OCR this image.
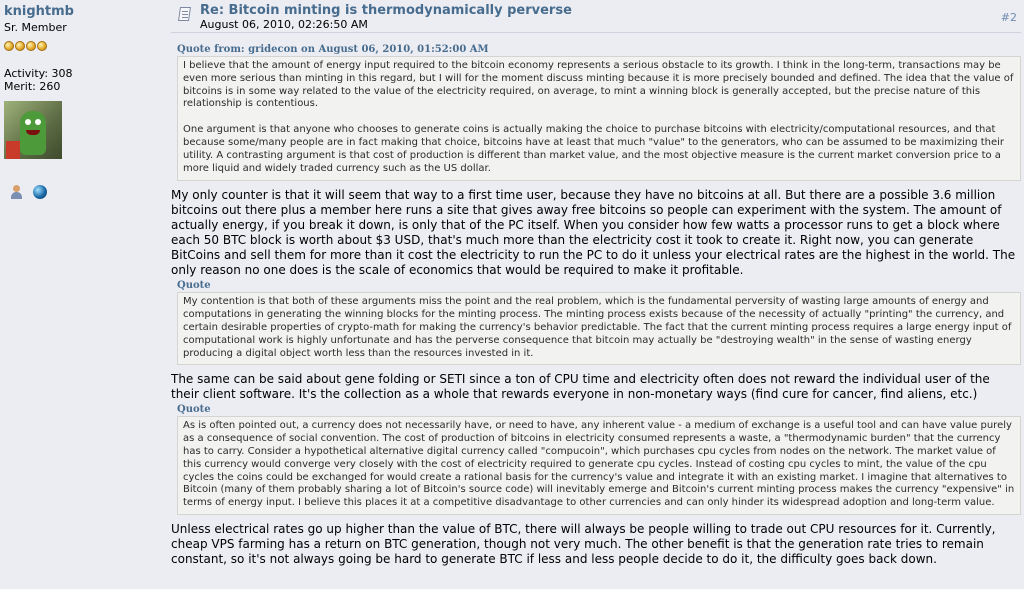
knightmb
Sr. Member
Activity: 308
Merit: 260

Re: Bitcoin minting is thermodynamically perverse
August 06, 2010, 02:26:50 AM
#2
Quote from: gridecon on August 06, 2010, 01:52:00 AM

I believe that the amount of energy input required to the bitcoin economy represents a serious obstacle to its growth. I think in the long-term, transactions may be even more serious than minting in this regard, but I will for the moment discuss minting because it is more precisely bounded and defined. The idea that the value of bitcoins is in some way related to the value of the electricity required, on average, to mint a winning block is generally accepted, but the precise nature of this relationship is contentious.

One argument is that anyone who chooses to generate coins is actually making the choice to purchase bitcoins with electricity/computational resources, and that because some/many people are in fact making that choice, bitcoins have at least that much "value" to the generators, who can be assumed to be maximizing their utility. A contrasting argument is that cost of production is different than market value, and the most objective measure is the current market conversion price to a more liquid and widely traded currency such as the US dollar.

My only counter is that it will seem that way to a first time user, because they have no bitcoins at all. But there are a possible 3.6 million bitcoins out there plus a member here runs a site that gives away free bitcoins so people can experiment with the system. The amount of actually energy, if you break it down, is only that of the PC itself. When you consider how few watts a processor runs to get a block where each 50 BTC block is worth about $3 USD, that's much more than the electricity cost it took to create it. Right now, you can generate BitCoins and sell them for more than it cost the electricity to run the PC to do it unless your electrical rates are the highest in the world. The only reason no one does is the scale of economics that would be required to make it profitable.

Quote

My contention is that both of these arguments miss the point and the real problem, which is the fundamental perversity of wasting large amounts of energy and computations in generating the winning blocks for the minting process. The minting process exists because of the necessity of actually "printing" the currency, and certain desirable properties of crypto-math for making the currency's behavior predictable. The fact that the current minting process requires a large energy input of computational work is highly unfortunate and has the perverse consequence that bitcoin may actually be "destroying wealth" in the sense of wasting energy producing a digital object worth less than the resources invested in it.

The same can be said about gene folding or SETI since a ton of CPU time and electricity often does not reward the individual user of the their client software. It's the collection as a whole that rewards everyone in non-monetary ways (find cure for cancer, find aliens, etc.)

Quote

As is often pointed out, a currency does not necessarily have, or need to have, any inherent value - a medium of exchange is a useful tool and can have value purely as a consequence of social convention. The cost of production of bitcoins in electricity consumed represents a waste, a "thermodynamic burden" that the currency has to carry. Consider a hypothetical alternative digital currency called "compucoin", which purchases cpu cycles from nodes on the network. The market value of this currency would converge very closely with the cost of electricity required to generate cpu cycles. Instead of costing cpu cycles to mint, the value of the cpu cycles the coins could be exchanged for would create a rational basis for the currency's value and integrate it with an existing market. I imagine that alternatives to Bitcoin (many of them probably sharing a lot of Bitcoin's source code) will inevitably emerge and Bitcoin's current minting process makes the currency "expensive" in terms of energy input. I believe this places it at a competitive disadvantage to other currencies and can only hinder its widespread adoption and long-term value.

Unless electrical rates go up higher than the value of BTC, there will always be people willing to trade out CPU resources for it. Currently, cheap VPS farming has a return on BTC generation, though not very much. The other benefit is that the generation rate tries to remain constant, so it's not always going be hard to generate BTC if less and less people decide to do it, the difficulty goes back down.
